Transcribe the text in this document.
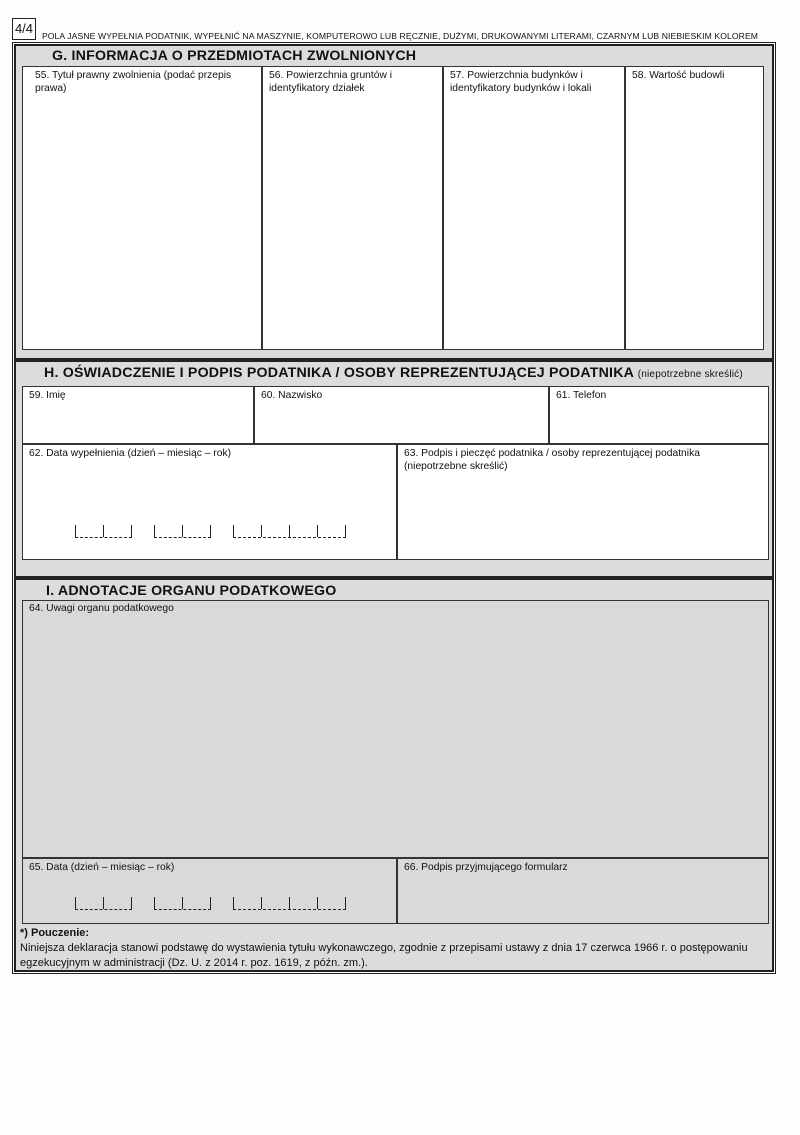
4/4	POLA JASNE WYPEŁNIA PODATNIK, WYPEŁNIĆ NA MASZYNIE, KOMPUTEROWO LUB RĘCZNIE, DUŻYMI, DRUKOWANYMI LITERAMI, CZARNYM LUB NIEBIESKIM KOLOREM
G. INFORMACJA O PRZEDMIOTACH ZWOLNIONYCH
55. Tytuł prawny zwolnienia (podać przepis prawa)
56. Powierzchnia gruntów i identyfikatory działek
57. Powierzchnia budynków i identyfikatory budynków i lokali
58. Wartość budowli
H. OŚWIADCZENIE I PODPIS PODATNIKA / OSOBY REPREZENTUJĄCEJ PODATNIKA (niepotrzebne skreślić)
59. Imię	60. Nazwisko	61. Telefon
62. Data wypełnienia (dzień – miesiąc – rok)	63. Podpis i pieczęć podatnika / osoby reprezentującej podatnika (niepotrzebne skreślić)
I. ADNOTACJE ORGANU PODATKOWEGO
64. Uwagi organu podatkowego
65. Data (dzień – miesiąc – rok)	66. Podpis przyjmującego formularz
*) Pouczenie:
Niniejsza deklaracja stanowi podstawę do wystawienia tytułu wykonawczego, zgodnie z przepisami ustawy z dnia 17 czerwca 1966 r. o postępowaniu egzekucyjnym w administracji (Dz. U. z 2014 r. poz. 1619, z późn. zm.).
